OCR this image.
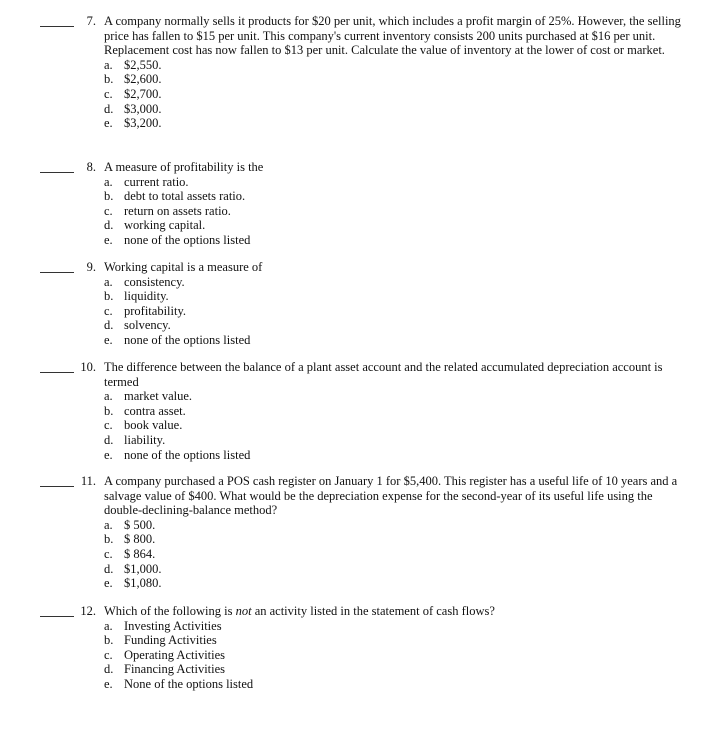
7. A company normally sells it products for $20 per unit, which includes a profit margin of 25%. However, the selling price has fallen to $15 per unit. This company's current inventory consists 200 units purchased at $16 per unit. Replacement cost has now fallen to $13 per unit. Calculate the value of inventory at the lower of cost or market.

a. $2,550.
b. $2,600.
c. $2,700.
d. $3,000.
e. $3,200.
8. A measure of profitability is the

a. current ratio.
b. debt to total assets ratio.
c. return on assets ratio.
d. working capital.
e. none of the options listed
9. Working capital is a measure of

a. consistency.
b. liquidity.
c. profitability.
d. solvency.
e. none of the options listed
10. The difference between the balance of a plant asset account and the related accumulated depreciation account is termed

a. market value.
b. contra asset.
c. book value.
d. liability.
e. none of the options listed
11. A company purchased a POS cash register on January 1 for $5,400. This register has a useful life of 10 years and a salvage value of $400. What would be the depreciation expense for the second-year of its useful life using the double-declining-balance method?

a. $ 500.
b. $ 800.
c. $ 864.
d. $1,000.
e. $1,080.
12. Which of the following is not an activity listed in the statement of cash flows?

a. Investing Activities
b. Funding Activities
c. Operating Activities
d. Financing Activities
e. None of the options listed
